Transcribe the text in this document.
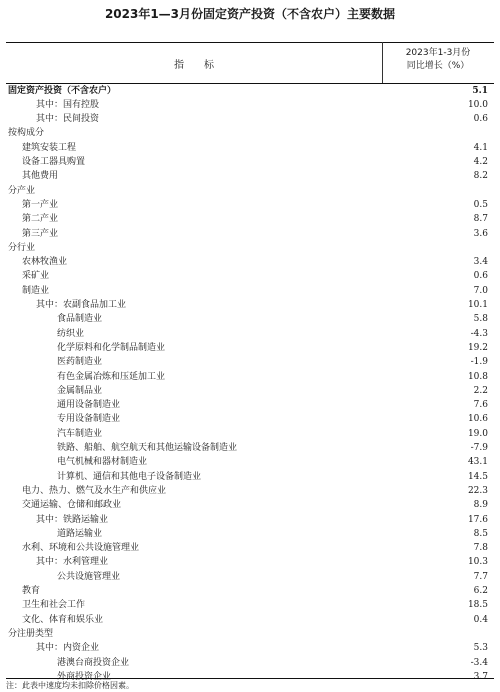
2023年1—3月份固定资产投资（不含农户）主要数据
指　　标
2023年1-3月份
同比增长（%）
固定资产投资（不含农户）	5.1
其中：国有控股	10.0
其中：民间投资	0.6
按构成分
建筑安装工程	4.1
设备工器具购置	4.2
其他费用	8.2
分产业
第一产业	0.5
第二产业	8.7
第三产业	3.6
分行业
农林牧渔业	3.4
采矿业	0.6
制造业	7.0
其中：农副食品加工业	10.1
食品制造业	5.8
纺织业	-4.3
化学原料和化学制品制造业	19.2
医药制造业	-1.9
有色金属冶炼和压延加工业	10.8
金属制品业	2.2
通用设备制造业	7.6
专用设备制造业	10.6
汽车制造业	19.0
铁路、船舶、航空航天和其他运输设备制造业	-7.9
电气机械和器材制造业	43.1
计算机、通信和其他电子设备制造业	14.5
电力、热力、燃气及水生产和供应业	22.3
交通运输、仓储和邮政业	8.9
其中：铁路运输业	17.6
道路运输业	8.5
水利、环境和公共设施管理业	7.8
其中：水利管理业	10.3
公共设施管理业	7.7
教育	6.2
卫生和社会工作	18.5
文化、体育和娱乐业	0.4
分注册类型
其中：内资企业	5.3
港澳台商投资企业	-3.4
外商投资企业	3.7
注：此表中速度均未扣除价格因素。
